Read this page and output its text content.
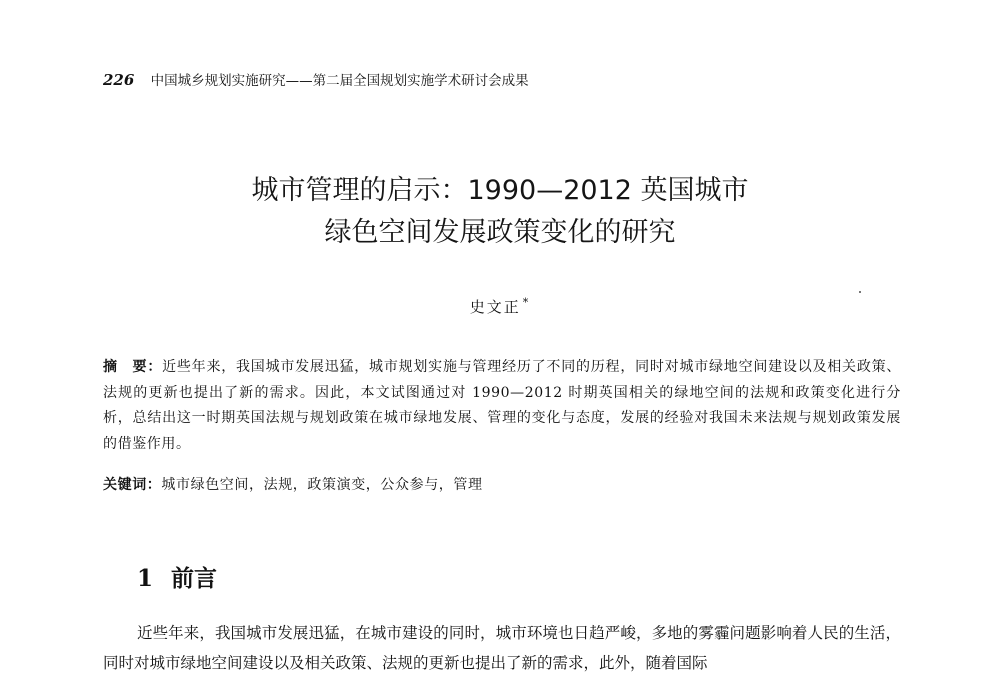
226 中国城乡规划实施研究——第二届全国规划实施学术研讨会成果
城市管理的启示：1990—2012 英国城市
绿色空间发展政策变化的研究
史文正 *
摘　要：近些年来，我国城市发展迅猛，城市规划实施与管理经历了不同的历程，同时对城市绿地空间建设以及相关政策、法规的更新也提出了新的需求。因此，本文试图通过对 1990—2012 时期英国相关的绿地空间的法规和政策变化进行分析，总结出这一时期英国法规与规划政策在城市绿地发展、管理的变化与态度，发展的经验对我国未来法规与规划政策发展的借鉴作用。
关键词：城市绿色空间，法规，政策演变，公众参与，管理
1 前言
近些年来，我国城市发展迅猛，在城市建设的同时，城市环境也日趋严峻，多地的雾霾问题影响着人民的生活，同时对城市绿地空间建设以及相关政策、法规的更新也提出了新的需求，此外，随着国际
